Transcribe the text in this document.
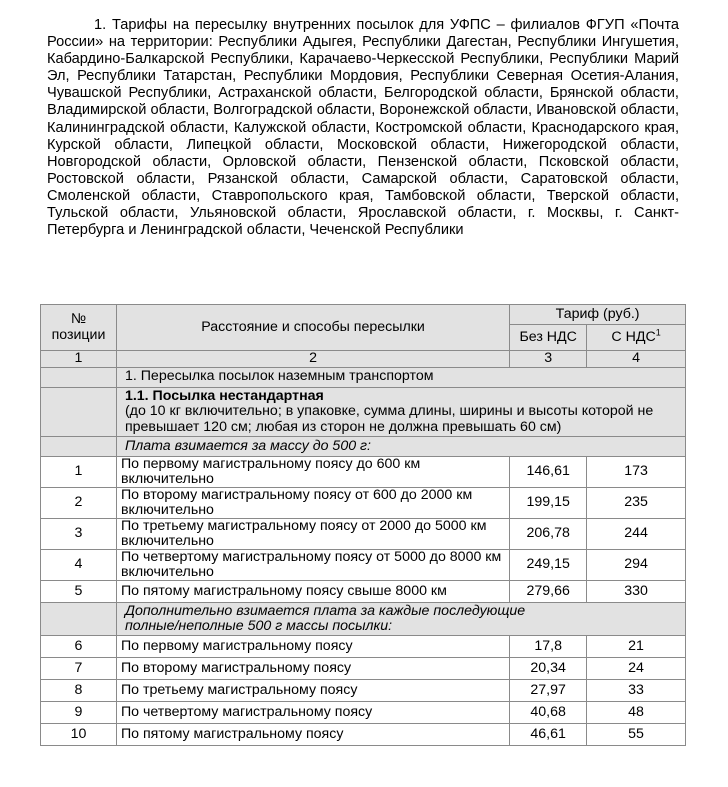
1. Тарифы на пересылку внутренних посылок для УФПС – филиалов ФГУП «Почта России» на территории: Республики Адыгея, Республики Дагестан, Республики Ингушетия, Кабардино-Балкарской Республики, Карачаево-Черкесской Республики, Республики Марий Эл, Республики Татарстан, Республики Мордовия, Республики Северная Осетия-Алания, Чувашской Республики, Астраханской области, Белгородской области, Брянской области, Владимирской области, Волгоградской области, Воронежской области, Ивановской области, Калининградской области, Калужской области, Костромской области, Краснодарского края, Курской области, Липецкой области, Московской области, Нижегородской области, Новгородской области, Орловской области, Пензенской области, Псковской области, Ростовской области, Рязанской области, Самарской области, Саратовской области, Смоленской области, Ставропольского края, Тамбовской области, Тверской области, Тульской области, Ульяновской области, Ярославской области, г. Москвы, г. Санкт-Петербурга и Ленинградской области, Чеченской Республики
№ позиции	Расстояние и способы пересылки	Тариф (руб.)	
		Без НДС	С НДС$^1$
1	2	3	4
	1. Пересылка посылок наземным транспортом		

	1.1. Посылка нестандартная
(до 10 кг включительно; в упаковке, сумма длины, ширины и высоты которой не превышает 120 см; любая из сторон не должна превышать 60 см)		

	Плата взимается за массу до 500 г:		
1	По первому магистральному поясу до 600 км включительно	146,61	173
2	По второму магистральному поясу от 600 до 2000 км включительно	199,15	235
3	По третьему магистральному поясу от 2000 до 5000 км включительно	206,78	244
4	По четвертому магистральному поясу от 5000 до 8000 км включительно	249,15	294
5	По пятому магистральному поясу свыше 8000 км	279,66	330
	Дополнительно взимается плата за каждые последующие полные/неполные 500 г массы посылки:		
6	По первому магистральному поясу	17,8	21
7	По второму магистральному поясу	20,34	24
8	По третьему магистральному поясу	27,97	33
9	По четвертому магистральному поясу	40,68	48
10	По пятому магистральному поясу	46,61	55
